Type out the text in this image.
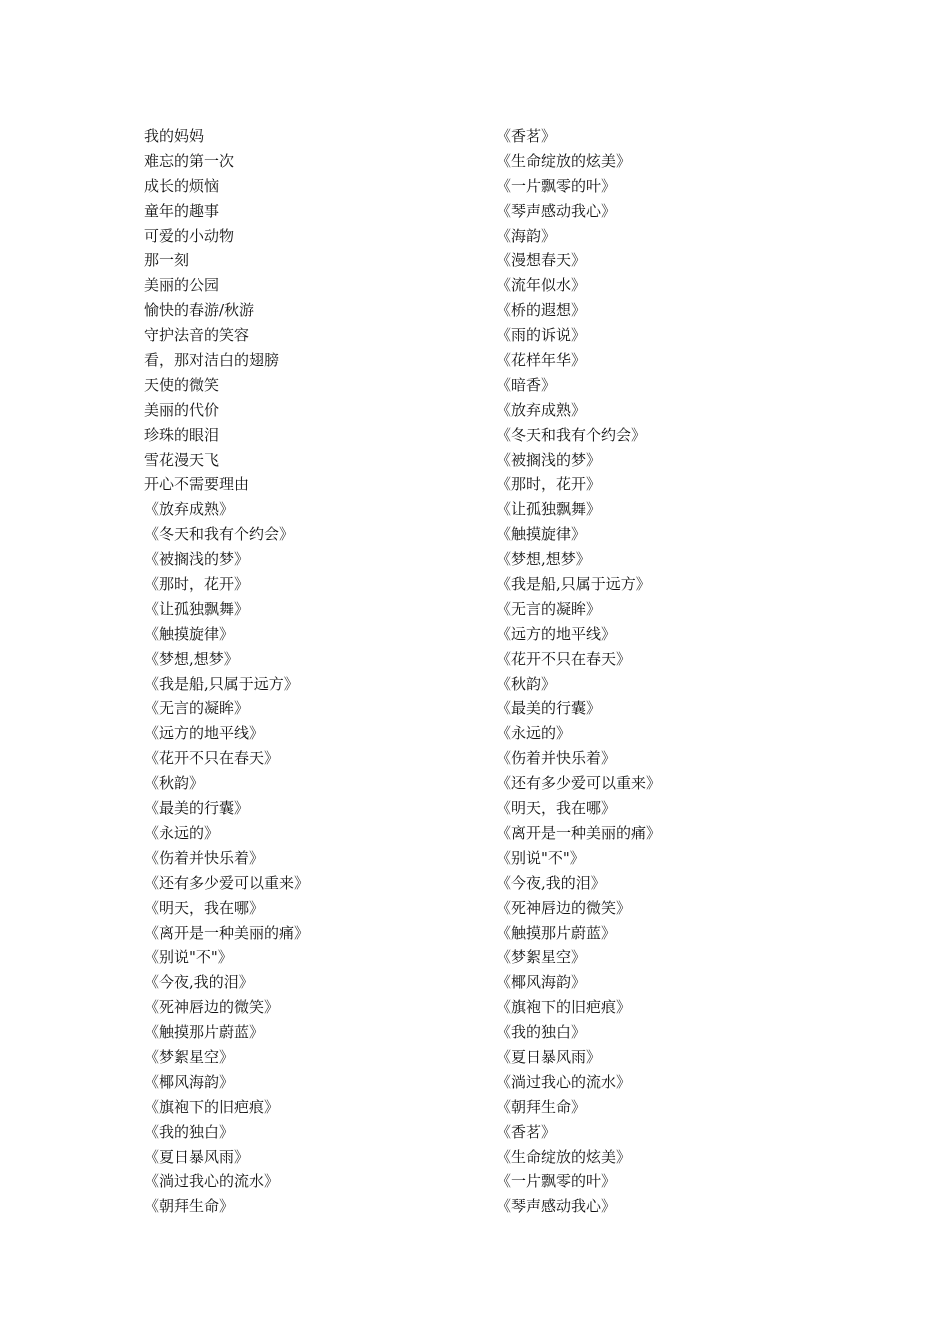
我的妈妈
难忘的第一次
成长的烦恼
童年的趣事
可爱的小动物
那一刻
美丽的公园
愉快的春游/秋游
守护法音的笑容
看，那对洁白的翅膀
天使的微笑
美丽的代价
珍珠的眼泪
雪花漫天飞
开心不需要理由
《放弃成熟》
《冬天和我有个约会》
《被搁浅的梦》
《那时，花开》
《让孤独飘舞》
《触摸旋律》
《梦想,想梦》
《我是船,只属于远方》
《无言的凝眸》
《远方的地平线》
《花开不只在春天》
《秋韵》
《最美的行囊》
《永远的》
《伤着并快乐着》
《还有多少爱可以重来》
《明天，我在哪》
《离开是一种美丽的痛》
《别说"不"》
《今夜,我的泪》
《死神唇边的微笑》
《触摸那片蔚蓝》
《梦絮星空》
《椰风海韵》
《旗袍下的旧疤痕》
《我的独白》
《夏日暴风雨》
《淌过我心的流水》
《朝拜生命》
《香茗》
《生命绽放的炫美》
《一片飘零的叶》
《琴声感动我心》
《海韵》
《漫想春天》
《流年似水》
《桥的遐想》
《雨的诉说》
《花样年华》
《暗香》
《放弃成熟》
《冬天和我有个约会》
《被搁浅的梦》
《那时，花开》
《让孤独飘舞》
《触摸旋律》
《梦想,想梦》
《我是船,只属于远方》
《无言的凝眸》
《远方的地平线》
《花开不只在春天》
《秋韵》
《最美的行囊》
《永远的》
《伤着并快乐着》
《还有多少爱可以重来》
《明天，我在哪》
《离开是一种美丽的痛》
《别说"不"》
《今夜,我的泪》
《死神唇边的微笑》
《触摸那片蔚蓝》
《梦絮星空》
《椰风海韵》
《旗袍下的旧疤痕》
《我的独白》
《夏日暴风雨》
《淌过我心的流水》
《朝拜生命》
《香茗》
《生命绽放的炫美》
《一片飘零的叶》
《琴声感动我心》
